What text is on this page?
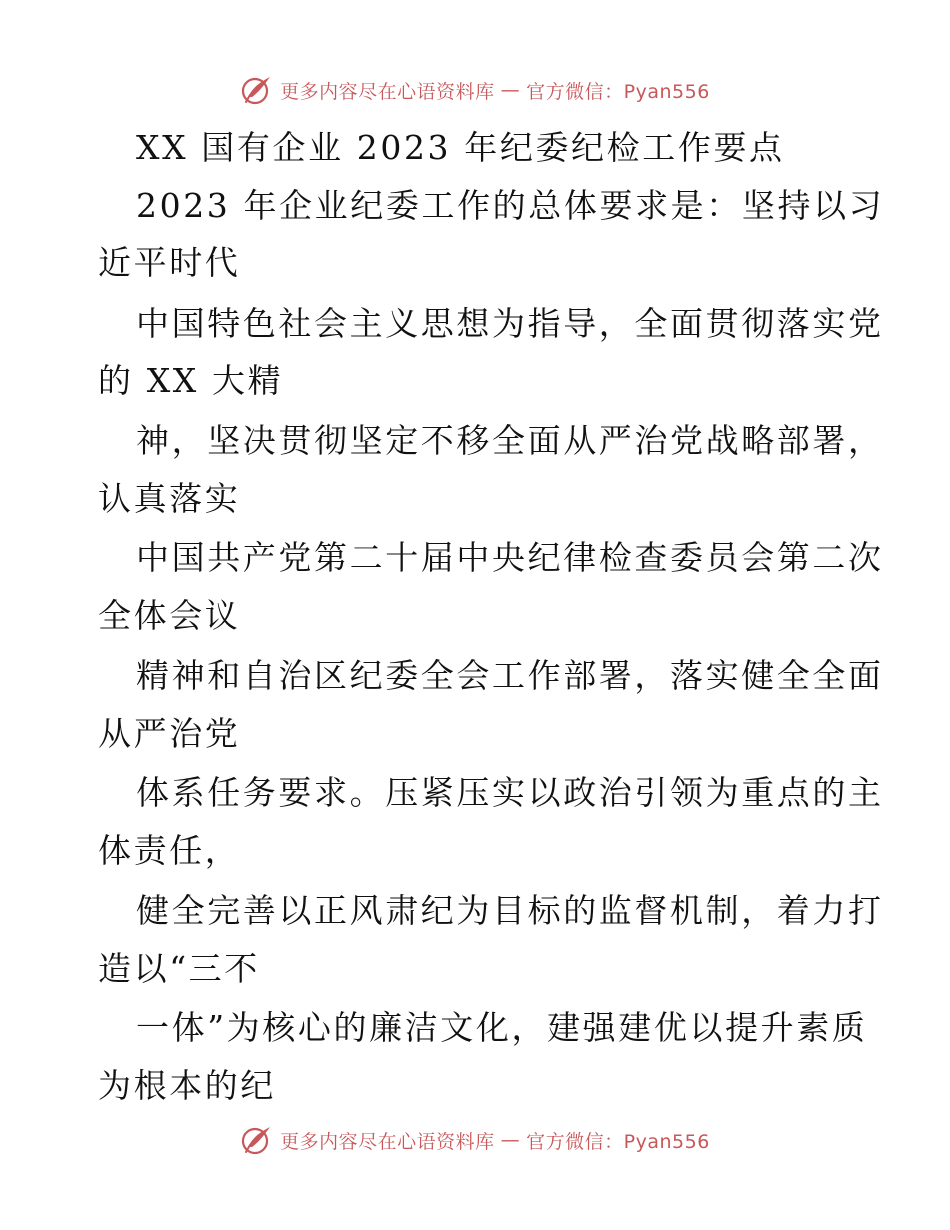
更多内容尽在心语资料库 — 官方微信：Pyan556
XX 国有企业 2023 年纪委纪检工作要点
2023 年企业纪委工作的总体要求是：坚持以习
近平时代
中国特色社会主义思想为指导，全面贯彻落实党
的 XX 大精
神，坚决贯彻坚定不移全面从严治党战略部署，
认真落实
中国共产党第二十届中央纪律检查委员会第二次
全体会议
精神和自治区纪委全会工作部署，落实健全全面
从严治党
体系任务要求。压紧压实以政治引领为重点的主
体责任，
健全完善以正风肃纪为目标的监督机制，着力打
造以“三不
一体”为核心的廉洁文化，建强建优以提升素质
为根本的纪
更多内容尽在心语资料库 — 官方微信：Pyan556
